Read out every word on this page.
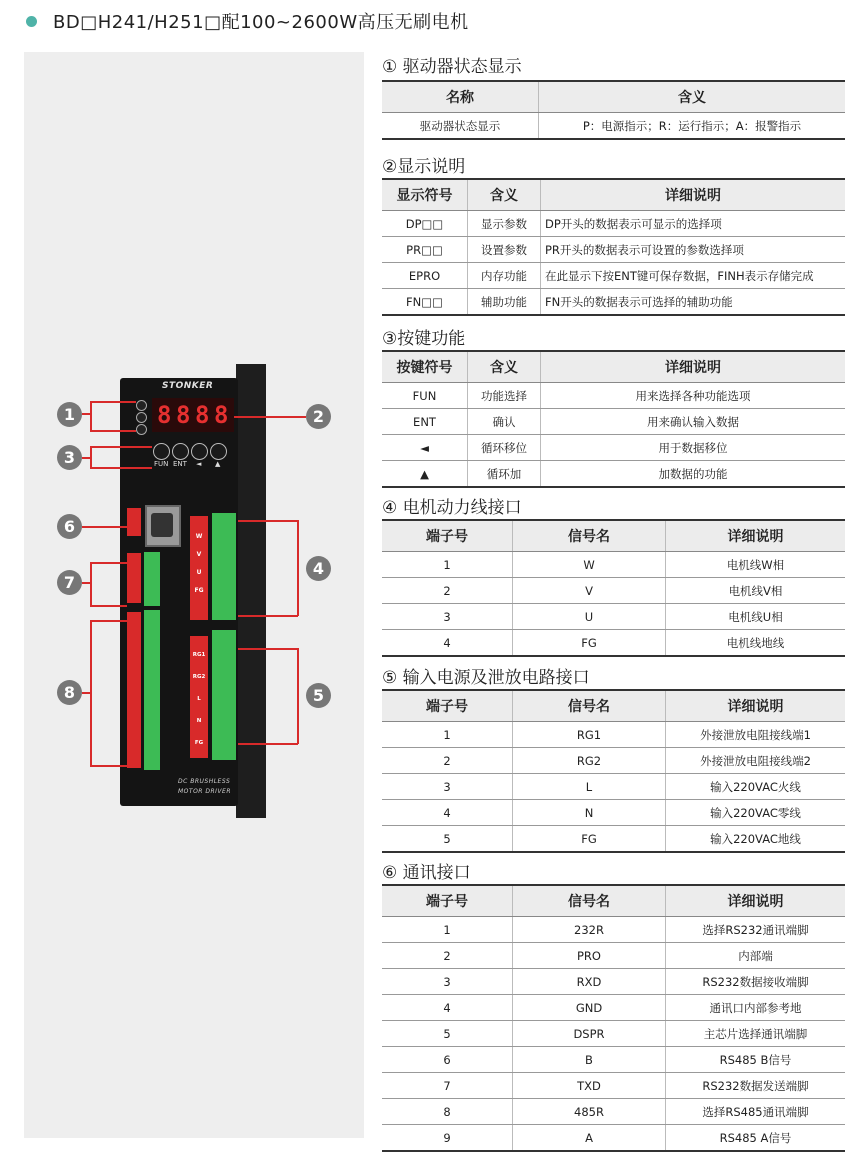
BD□H241/H251□配100~2600W高压无刷电机
STONKER
8 8 8 8
FUN ENT ◄ ▲
W
V
U
FG
RG1
RG2
L
N
FG
DC BRUSHLESS
MOTOR DRIVER
1	2
3
4
5
6
7
8
① 驱动器状态显示
名称	含义
驱动器状态显示	P：电源指示；R：运行指示；A：报警指示
②显示说明
显示符号	含义	详细说明
DP□□	显示参数	DP开头的数据表示可显示的选择项
PR□□	设置参数	PR开头的数据表示可设置的参数选择项
EPRO	内存功能	在此显示下按ENT键可保存数据，FINH表示存储完成
FN□□	辅助功能	FN开头的数据表示可选择的辅助功能
③按键功能
按键符号	含义	详细说明
FUN	功能选择	用来选择各种功能选项
ENT	确认	用来确认输入数据
◄	循环移位	用于数据移位
▲	循环加	加数据的功能
④ 电机动力线接口
端子号	信号名	详细说明
1	W	电机线W相
2	V	电机线V相
3	U	电机线U相
4	FG	电机线地线
⑤ 输入电源及泄放电路接口
端子号	信号名	详细说明
1	RG1	外接泄放电阻接线端1
2	RG2	外接泄放电阻接线端2
3	L	输入220VAC火线
4	N	输入220VAC零线
5	FG	输入220VAC地线
⑥ 通讯接口
端子号	信号名	详细说明
1	232R	选择RS232通讯端脚
2	PRO	内部端
3	RXD	RS232数据接收端脚
4	GND	通讯口内部参考地
5	DSPR	主芯片选择通讯端脚
6	B	RS485 B信号
7	TXD	RS232数据发送端脚
8	485R	选择RS485通讯端脚
9	A	RS485 A信号
